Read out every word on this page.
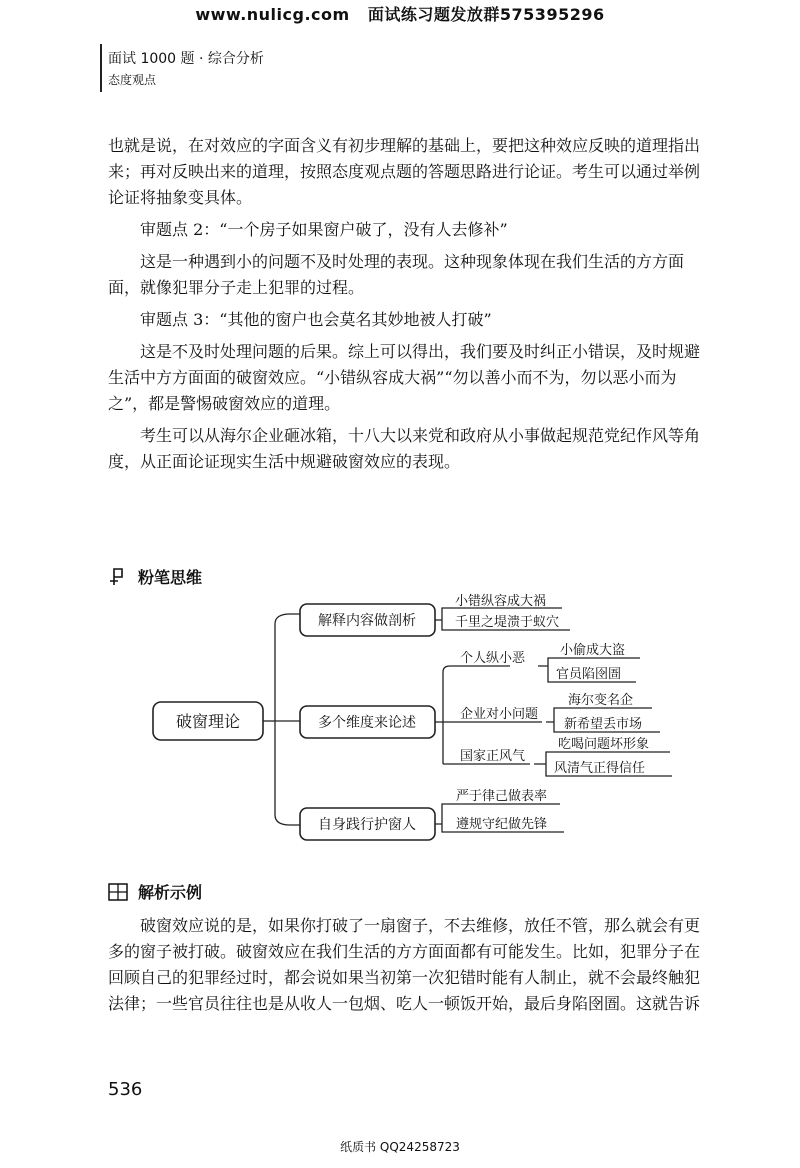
www.nulicg.com 面试练习题发放群575395296
面试 1000 题 · 综合分析
态度观点

也就是说，在对效应的字面含义有初步理解的基础上，要把这种效应反映的道理指出来；再对反映出来的道理，按照态度观点题的答题思路进行论证。考生可以通过举例论证将抽象变具体。

审题点 2：“一个房子如果窗户破了，没有人去修补”

这是一种遇到小的问题不及时处理的表现。这种现象体现在我们生活的方方面面，就像犯罪分子走上犯罪的过程。

审题点 3：“其他的窗户也会莫名其妙地被人打破”

这是不及时处理问题的后果。综上可以得出，我们要及时纠正小错误，及时规避生活中方方面面的破窗效应。“小错纵容成大祸”“勿以善小而不为，勿以恶小而为之”，都是警惕破窗效应的道理。

考生可以从海尔企业砸冰箱，十八大以来党和政府从小事做起规范党纪作风等角度，从正面论证现实生活中规避破窗效应的表现。

粉笔思维
破窗理论
解释内容做剖析
小错纵容成大祸
千里之堤溃于蚁穴
多个维度来论述
个人纵小恶
小偷成大盗
官员陷囹圄
企业对小问题
海尔变名企
新希望丢市场
国家正风气
吃喝问题坏形象
风清气正得信任
自身践行护窗人
严于律己做表率
遵规守纪做先锋
解析示例

破窗效应说的是，如果你打破了一扇窗子，不去维修，放任不管，那么就会有更多的窗子被打破。破窗效应在我们生活的方方面面都有可能发生。比如，犯罪分子在回顾自己的犯罪经过时，都会说如果当初第一次犯错时能有人制止，就不会最终触犯法律；一些官员往往也是从收人一包烟、吃人一顿饭开始，最后身陷囹圄。这就告诉

536
纸质书 QQ24258723
